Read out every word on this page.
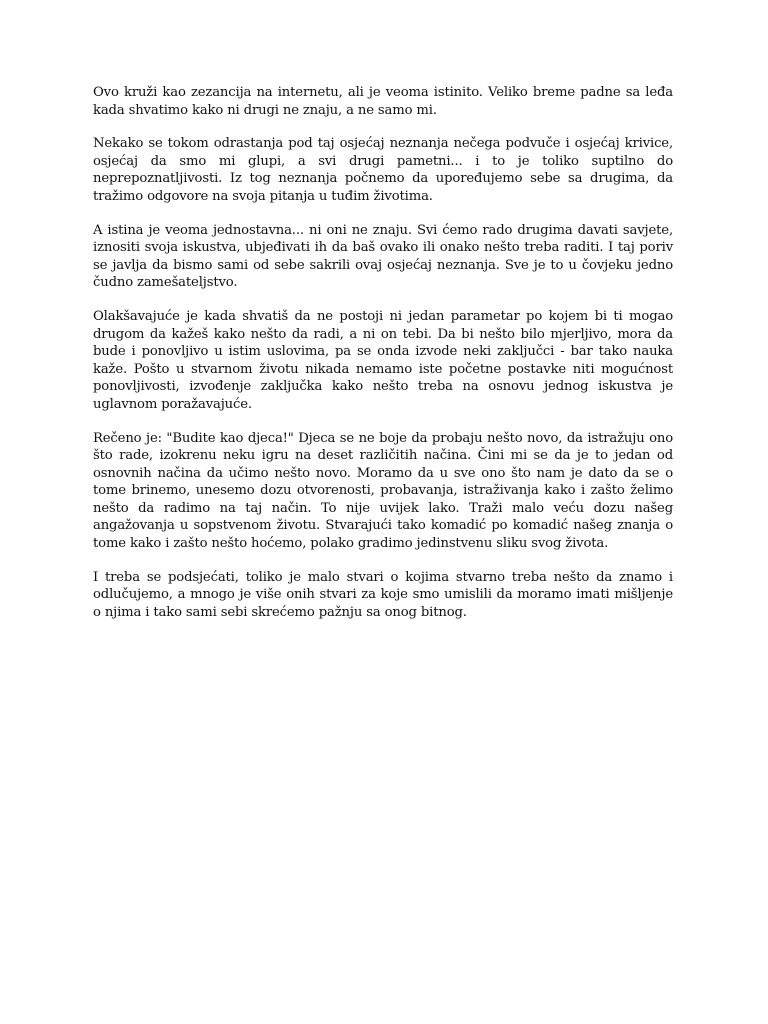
Ovo kruži kao zezancija na internetu, ali je veoma istinito. Veliko breme padne sa leđa kada shvatimo kako ni drugi ne znaju, a ne samo mi.

Nekako se tokom odrastanja pod taj osjećaj neznanja nečega podvuče i osjećaj krivice, osjećaj da smo mi glupi, a svi drugi pametni... i to je toliko suptilno do neprepoznatljivosti. Iz tog neznanja počnemo da upoređujemo sebe sa drugima, da tražimo odgovore na svoja pitanja u tuđim životima.

A istina je veoma jednostavna... ni oni ne znaju. Svi ćemo rado drugima davati savjete, iznositi svoja iskustva, ubjeđivati ih da baš ovako ili onako nešto treba raditi. I taj poriv se javlja da bismo sami od sebe sakrili ovaj osjećaj neznanja. Sve je to u čovjeku jedno čudno zamešateljstvo.

Olakšavajuće je kada shvatiš da ne postoji ni jedan parametar po kojem bi ti mogao drugom da kažeš kako nešto da radi, a ni on tebi. Da bi nešto bilo mjerljivo, mora da bude i ponovljivo u istim uslovima, pa se onda izvode neki zaključci - bar tako nauka kaže. Pošto u stvarnom životu nikada nemamo iste početne postavke niti mogućnost ponovljivosti, izvođenje zaključka kako nešto treba na osnovu jednog iskustva je uglavnom poražavajuće.

Rečeno je: "Budite kao djeca!" Djeca se ne boje da probaju nešto novo, da istražuju ono što rade, izokrenu neku igru na deset različitih načina. Čini mi se da je to jedan od osnovnih načina da učimo nešto novo. Moramo da u sve ono što nam je dato da se o tome brinemo, unesemo dozu otvorenosti, probavanja, istraživanja kako i zašto želimo nešto da radimo na taj način. To nije uvijek lako. Traži malo veću dozu našeg angažovanja u sopstvenom životu. Stvarajući tako komadić po komadić našeg znanja o tome kako i zašto nešto hoćemo, polako gradimo jedinstvenu sliku svog života.

I treba se podsjećati, toliko je malo stvari o kojima stvarno treba nešto da znamo i odlučujemo, a mnogo je više onih stvari za koje smo umislili da moramo imati mišljenje o njima i tako sami sebi skrećemo pažnju sa onog bitnog.
